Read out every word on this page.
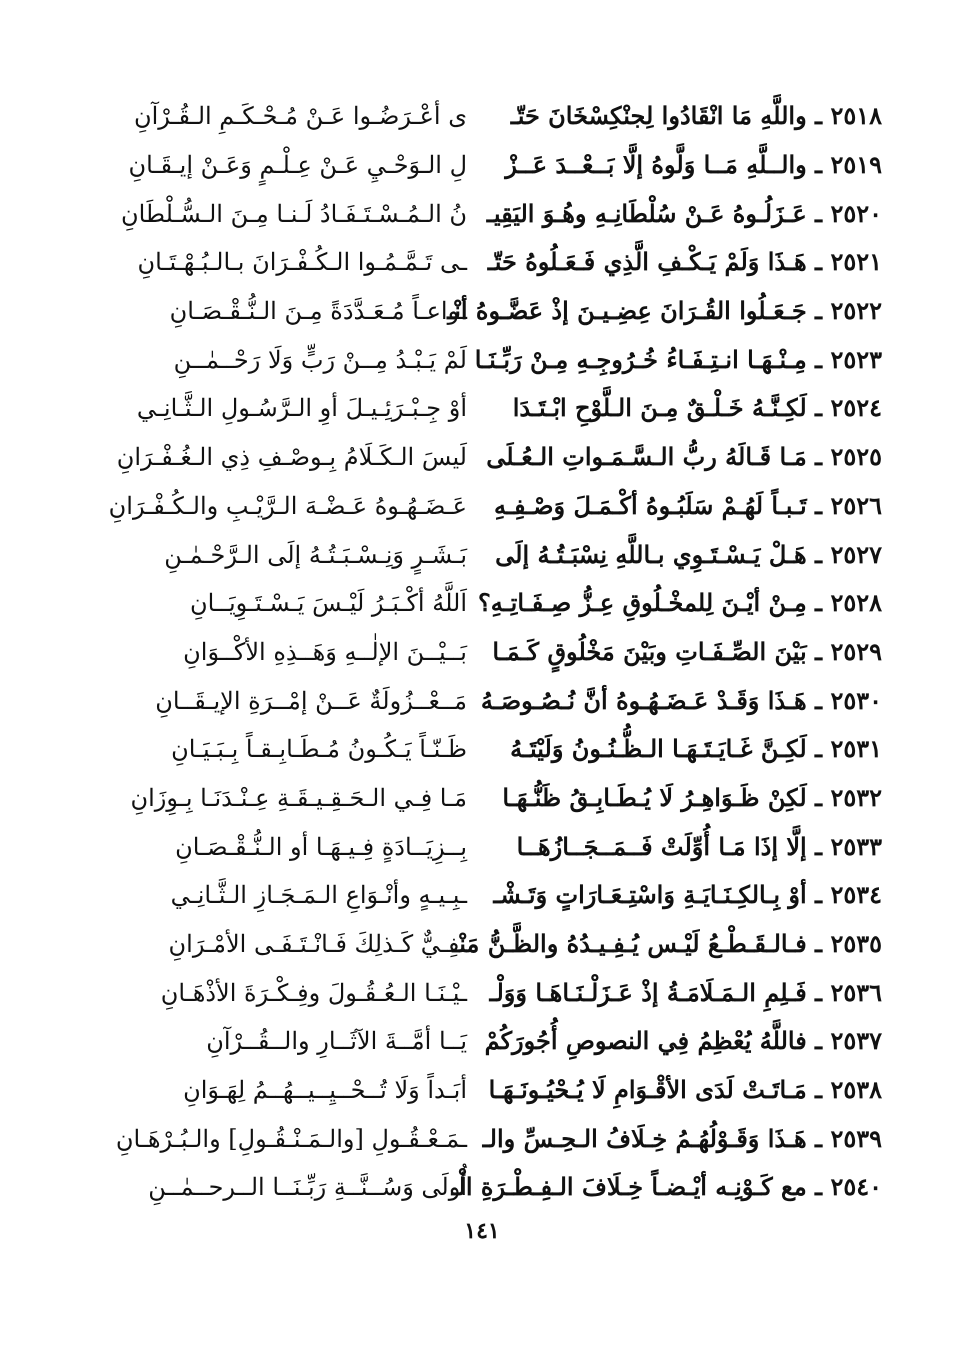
٢٥١٨ ـ واللَّهِ مَا انْقَادُوا لِجنْكِسْخَانَ حَتّـ
ى أعْـرَضُـوا عَـنْ مُـحْـكَـمِ الـقُـرْآنِ
٢٥١٩ ـ والــلَّهِ مَــا وَلَّوهُ إلَّا بَــعْــدَ عَــزْ
لِ الـوَحْـيِ عَـنْ عِـلْـمٍ وَعَـنْ إيـقَـانِ
٢٥٢٠ ـ عَـزَلُـوهُ عَـنْ سُلْطَانِـهِ وهُـوَ اليَقِيـ
نُ الـمُـسْـتَـفَـادُ لَـنـا مِـنَ الـسُّـلْطَانِ
٢٥٢١ ـ هَـذَا وَلَمْ يَـكْـفِ الَّذِي فَـعَـلُوهُ حَتّـ
ـى تَـمَّـمُـوا الـكُـفْـرَانَ بـالـبُـهْـتَـانِ
٢٥٢٢ ـ جَـعَـلُوا القُـرَانَ عِضِـيـنَ إذْ عَضَّـوهُ أنْـ
ـواعـاً مُـعَـدَّدَةً مِـنَ الـنُّـقْـصَـانِ
٢٥٢٣ ـ مِـنْـهَـا انـتِـفَـاءُ خُـرُوجِـهِ مِـنْ رَبِّـنَـا
لَمْ يَـبْـدُ مِــنْ رَبٍّ وَلَا رَحْــمٰــنِ
٢٥٢٤ ـ لَكِـنَّـهُ خَـلْـقٌ مِـنَ الـلَّوْحِ ابْـتَـدَا
أوْ جِـبْـرَئِـيـلَ أوِ الـرَّسُـولِ الـثَّـانِـي
٢٥٢٥ ـ مَـا قَـالَهُ ربُّ الـسَّـمَـواتِ الـعُـلَى
لَيسَ الـكَـلَامُ بِـوصْـفِ ذِي الـغُـفْـرَانِ
٢٥٢٦ ـ تَـبـاً لَهُـمْ سَلَبُـوهُ أكْـمَـلَ وَصْـفِـهِ
عَـضَـهُـوهُ عَـضْـهَ الـرَّيْـبِ والـكُـفْـرَانِ
٢٥٢٧ ـ هَـلْ يَـسْـتَـوِي بـاللَّهِ نِسْبَـتُـهُ إلَى
بَـشَـرٍ وَنِـسْـبَـتُـهُ إلَى الـرَّحْـمٰـنِ
٢٥٢٨ ـ مِـنْ أيْـنَ لِلمخْـلُوقِ عِـزُّ صِـفَـاتِـهِ؟
اَللَّهُ أكْـبَـرُ لَيْـسَ يَـسْـتَـوِيَــانِ
٢٥٢٩ ـ بَيْنَ الصِّـفَـاتِ وبَيْنَ مَخْلُوقٍ كَـمَـا
بَــيْــنَ الإلٰــهِ وَهَــذِهِ الأكْــوَانِ
٢٥٣٠ ـ هَـذَا وَقَـدْ عَـضَـهُـوهُ أنَّ نُـصُـوصَـهُ
مَــعْــزُولَةٌ عَــنْ إمْــرَةِ الإيـقَــانِ
٢٥٣١ ـ لَكِـنَّ غَـايَـتَـهَـا الـظُّـنُـونُ وَلَيْتَـهُ
ظَـنّـاً يَـكُـونُ مُـطَـابِـقـاً بِـبَـيَـانِ
٢٥٣٢ ـ لَكِنْ ظَـوَاهِـرُ لَا يُـطَـابِـقُ ظَنُّـهَـا
مَـا فِـي الـحَـقِـيـقَـةِ عِـنْـدَنَـا بِـوِزَانِ
٢٥٣٣ ـ إلَّا إذَا مَـا أُوِّلَتْ فَــمَــجَــازُهَــا
بِــزِيَــادَةٍ فِـيـهَـا أو الـنُّـقْـصَـانِ
٢٥٣٤ ـ أوْ بِـالكِـنَـايَـةِ وَاسْتِـعَـارَاتٍ وَتَـشْـ
ـبِـيـهٍ وأنْـوَاعِ الـمَـجَـازِ الـثَّـانِـي
٢٥٣٥ ـ فـالـقَـطْـعُ لَيْـس يُـفِـيـدُهُ والظَّـنُّ مَنْـ
ـفِـيٌّ كَـذلِكَ فَـانْـتَـفَـى الأمْـرَانِ
٢٥٣٦ ـ فَـلِمِ الـمَـلَامَـةُ إذْ عَـزَلْـنَـاهَـا وَوَلْـ
ـيْـنَـا الـعُـقُـولَ وفِـكْـرَةَ الأذْهَـانِ
٢٥٣٧ ـ فاللَّهُ يُعْظِمُ فِي النصوصِ أُجُورَكُمْ
يَــا أمَّــةَ الآثَــارِ والــقُــرْآنِ
٢٥٣٨ ـ مَـاتَـتْ لَدَى الأقْـوَامِ لَا يُـحْيُـونَـهَـا
أبَـداً وَلَا تُــحْــيِــيــهُــمُ لِهَـوَانِ
٢٥٣٩ ـ هَـذَا وَقَـوْلُهُـمُ خِـلَافُ الـحِـسِّ والـ
ـمَـعْـقُـولِ [والـمَـنْـقُـولِ] والـبُـرْهَـانِ
٢٥٤٠ ـ مع كَـوْنِـه أيْـضـاً خِـلَافَ الـفِـطْـرَةِ الْـ
أُولَى وَسُــنَّــةِ رَبِّـنَــا الــرحــمٰــنِ
١٤١
